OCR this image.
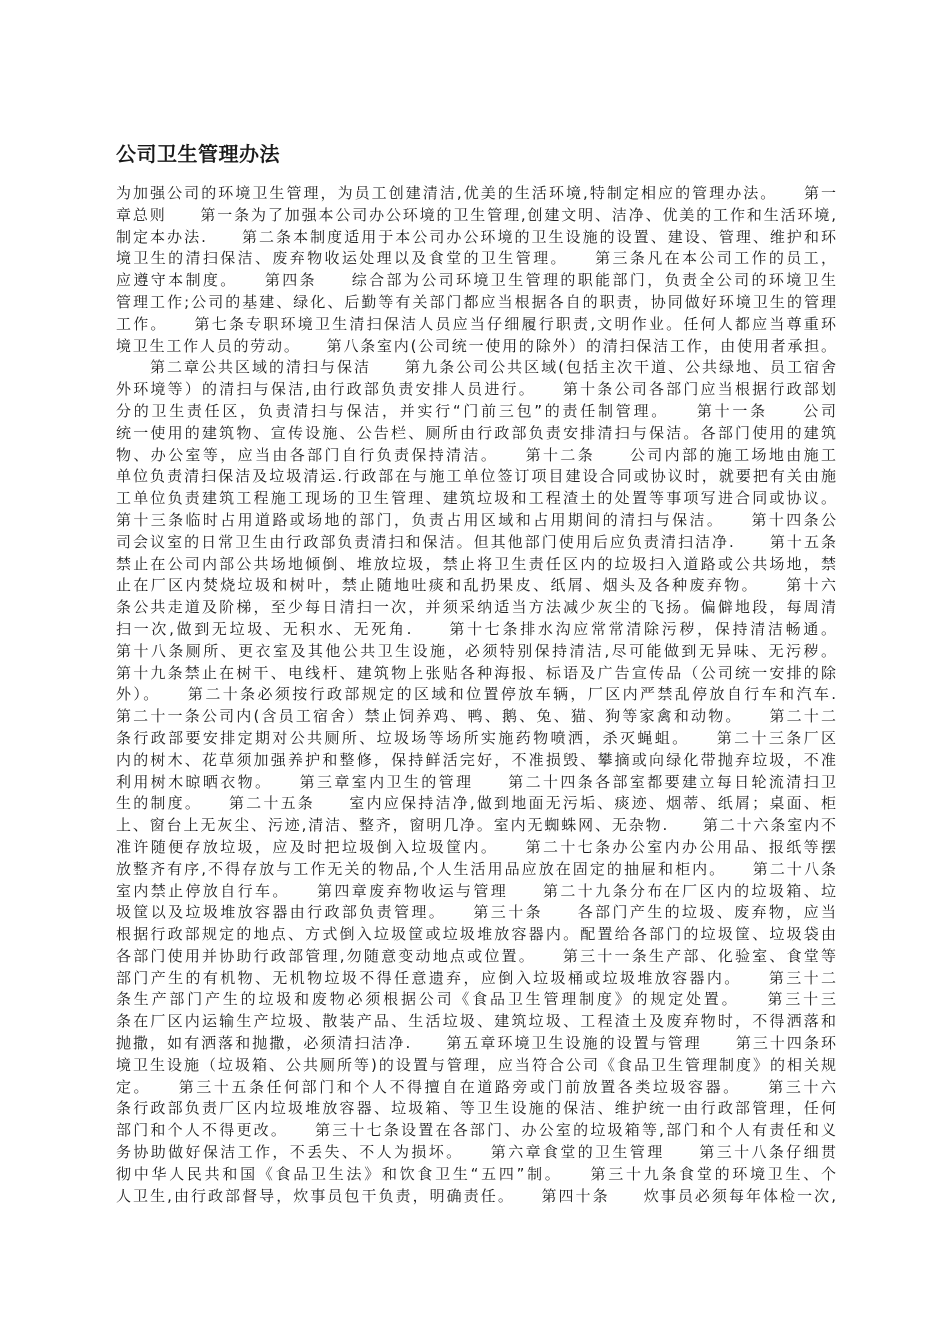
公司卫生管理办法

为加强公司的环境卫生管理，为员工创建清洁,优美的生活环境,特制定相应的管理办法。　　第一

章总则　　第一条为了加强本公司办公环境的卫生管理,创建文明、洁净、优美的工作和生活环境,

制定本办法.　　第二条本制度适用于本公司办公环境的卫生设施的设置、建设、管理、维护和环

境卫生的清扫保洁、废弃物收运处理以及食堂的卫生管理。　　第三条凡在本公司工作的员工，

应遵守本制度。　　第四条　　综合部为公司环境卫生管理的职能部门，负责全公司的环境卫生

管理工作;公司的基建、绿化、后勤等有关部门都应当根据各自的职责，协同做好环境卫生的管理

工作。　　第七条专职环境卫生清扫保洁人员应当仔细履行职责,文明作业。任何人都应当尊重环

境卫生工作人员的劳动。　　第八条室内(公司统一使用的除外）的清扫保洁工作，由使用者承担。

　　第二章公共区域的清扫与保洁　　第九条公司公共区域(包括主次干道、公共绿地、员工宿舍

外环境等）的清扫与保洁,由行政部负责安排人员进行。　　第十条公司各部门应当根据行政部划

分的卫生责任区，负责清扫与保洁，并实行“门前三包”的责任制管理。　　第十一条　　公司

统一使用的建筑物、宣传设施、公告栏、厕所由行政部负责安排清扫与保洁。各部门使用的建筑

物、办公室等，应当由各部门自行负责保持清洁。　　第十二条　　公司内部的施工场地由施工

单位负责清扫保洁及垃圾清运.行政部在与施工单位签订项目建设合同或协议时，就要把有关由施

工单位负责建筑工程施工现场的卫生管理、建筑垃圾和工程渣土的处置等事项写进合同或协议。

第十三条临时占用道路或场地的部门，负责占用区域和占用期间的清扫与保洁。　　第十四条公

司会议室的日常卫生由行政部负责清扫和保洁。但其他部门使用后应负责清扫洁净.　　第十五条

禁止在公司内部公共场地倾倒、堆放垃圾，禁止将卫生责任区内的垃圾扫入道路或公共场地，禁

止在厂区内焚烧垃圾和树叶，禁止随地吐痰和乱扔果皮、纸屑、烟头及各种废弃物。　　第十六

条公共走道及阶梯，至少每日清扫一次，并须采纳适当方法减少灰尘的飞扬。偏僻地段，每周清

扫一次,做到无垃圾、无积水、无死角.　　第十七条排水沟应常常清除污秽，保持清洁畅通。

第十八条厕所、更衣室及其他公共卫生设施，必须特别保持清洁,尽可能做到无异味、无污秽。

第十九条禁止在树干、电线杆、建筑物上张贴各种海报、标语及广告宣传品（公司统一安排的除

外）。　　第二十条必须按行政部规定的区域和位置停放车辆，厂区内严禁乱停放自行车和汽车.

第二十一条公司内(含员工宿舍）禁止饲养鸡、鸭、鹅、兔、猫、狗等家禽和动物。　　第二十二

条行政部要安排定期对公共厕所、垃圾场等场所实施药物喷洒，杀灭蝇蛆。　　第二十三条厂区

内的树木、花草须加强养护和整修，保持鲜活完好，不准损毁、攀摘或向绿化带抛弃垃圾，不准

利用树木晾晒衣物。　　第三章室内卫生的管理　　第二十四条各部室都要建立每日轮流清扫卫

生的制度。　　第二十五条　　室内应保持洁净,做到地面无污垢、痰迹、烟蒂、纸屑；桌面、柜

上、窗台上无灰尘、污迹,清洁、整齐，窗明几净。室内无蜘蛛网、无杂物.　　第二十六条室内不

准许随便存放垃圾，应及时把垃圾倒入垃圾筐内。　　第二十七条办公室内办公用品、报纸等摆

放整齐有序,不得存放与工作无关的物品,个人生活用品应放在固定的抽屉和柜内。　　第二十八条

室内禁止停放自行车。　　第四章废弃物收运与管理　　第二十九条分布在厂区内的垃圾箱、垃

圾筐以及垃圾堆放容器由行政部负责管理。　　第三十条　　各部门产生的垃圾、废弃物，应当

根据行政部规定的地点、方式倒入垃圾筐或垃圾堆放容器内。配置给各部门的垃圾筐、垃圾袋由

各部门使用并协助行政部管理,勿随意变动地点或位置。　　第三十一条生产部、化验室、食堂等

部门产生的有机物、无机物垃圾不得任意遗弃，应倒入垃圾桶或垃圾堆放容器内。　　第三十二

条生产部门产生的垃圾和废物必须根据公司《食品卫生管理制度》的规定处置。　　第三十三

条在厂区内运输生产垃圾、散装产品、生活垃圾、建筑垃圾、工程渣土及废弃物时，不得洒落和

抛撒，如有洒落和抛撒，必须清扫洁净.　　第五章环境卫生设施的设置与管理　　第三十四条环

境卫生设施（垃圾箱、公共厕所等)的设置与管理，应当符合公司《食品卫生管理制度》的相关规

定。　　第三十五条任何部门和个人不得擅自在道路旁或门前放置各类垃圾容器。　　第三十六

条行政部负责厂区内垃圾堆放容器、垃圾箱、等卫生设施的保洁、维护统一由行政部管理，任何

部门和个人不得更改。　　第三十七条设置在各部门、办公室的垃圾箱等,部门和个人有责任和义

务协助做好保洁工作，不丢失、不人为损坏。　　第六章食堂的卫生管理　　第三十八条仔细贯

彻中华人民共和国《食品卫生法》和饮食卫生“五四”制。　　第三十九条食堂的环境卫生、个

人卫生,由行政部督导，炊事员包干负责，明确责任。　　第四十条　　炊事员必须每年体检一次,
